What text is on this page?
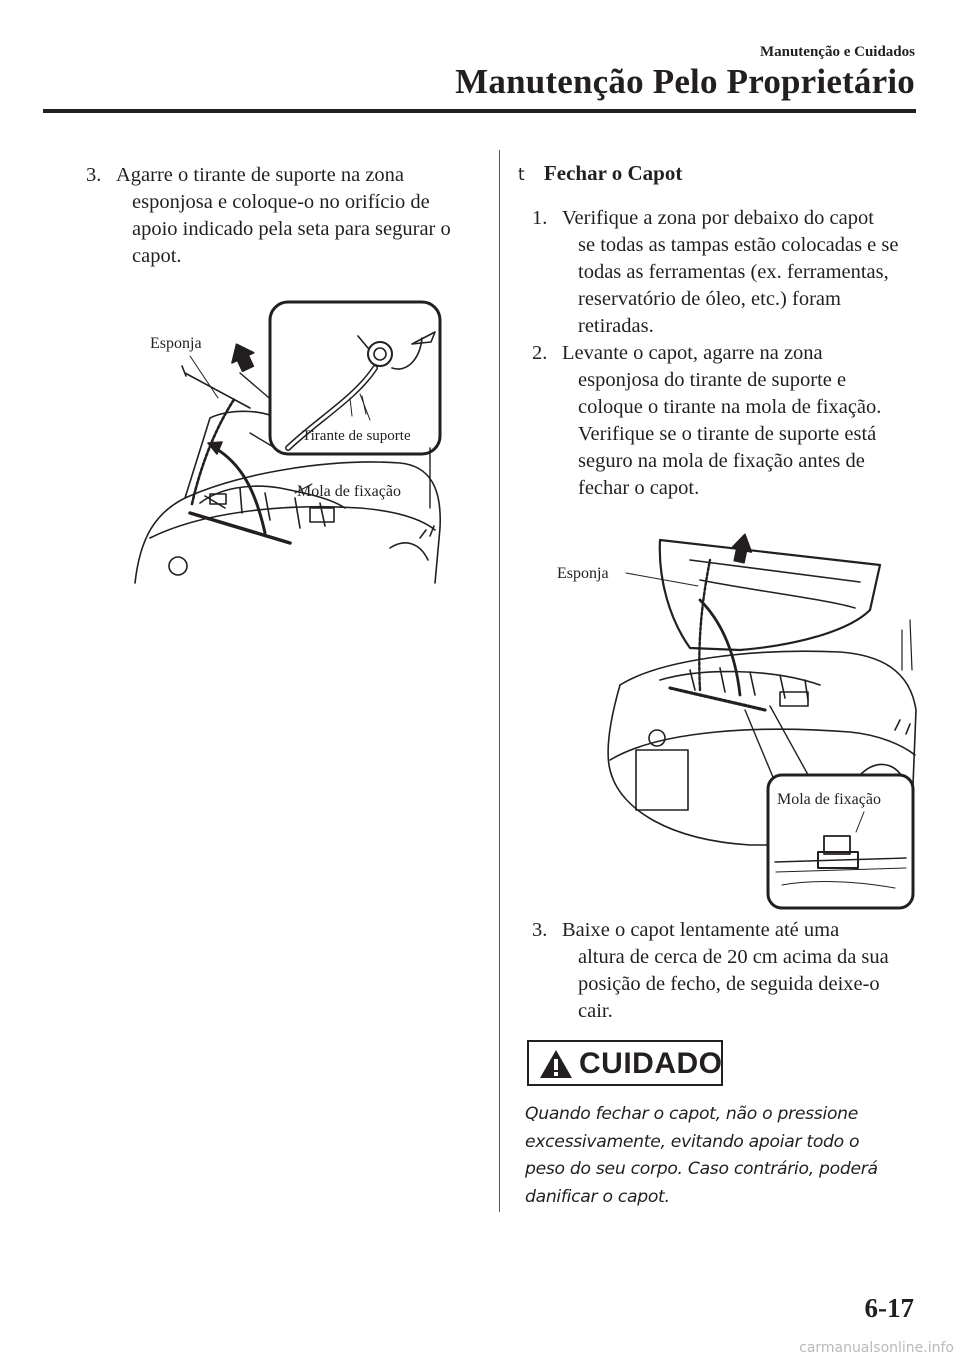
Manutenção e Cuidados
Manutenção Pelo Proprietário
3. Agarre o tirante de suporte na zona
esponjosa e coloque-o no orifício de
apoio indicado pela seta para segurar o
capot.
Esponja
Tirante de suporte
Mola de fixação
t Fechar o Capot
1. Verifique a zona por debaixo do capot
se todas as tampas estão colocadas e se
todas as ferramentas (ex. ferramentas,
reservatório de óleo, etc.) foram
retiradas.
2. Levante o capot, agarre na zona
esponjosa do tirante de suporte e
coloque o tirante na mola de fixação.
Verifique se o tirante de suporte está
seguro na mola de fixação antes de
fechar o capot.
Esponja
Mola de fixação
3. Baixe o capot lentamente até uma
altura de cerca de 20 cm acima da sua
posição de fecho, de seguida deixe-o
cair.
CUIDADO
Quando fechar o capot, não o pressione
excessivamente, evitando apoiar todo o
peso do seu corpo. Caso contrário, poderá
danificar o capot.
6-17
carmanualsonline.info
